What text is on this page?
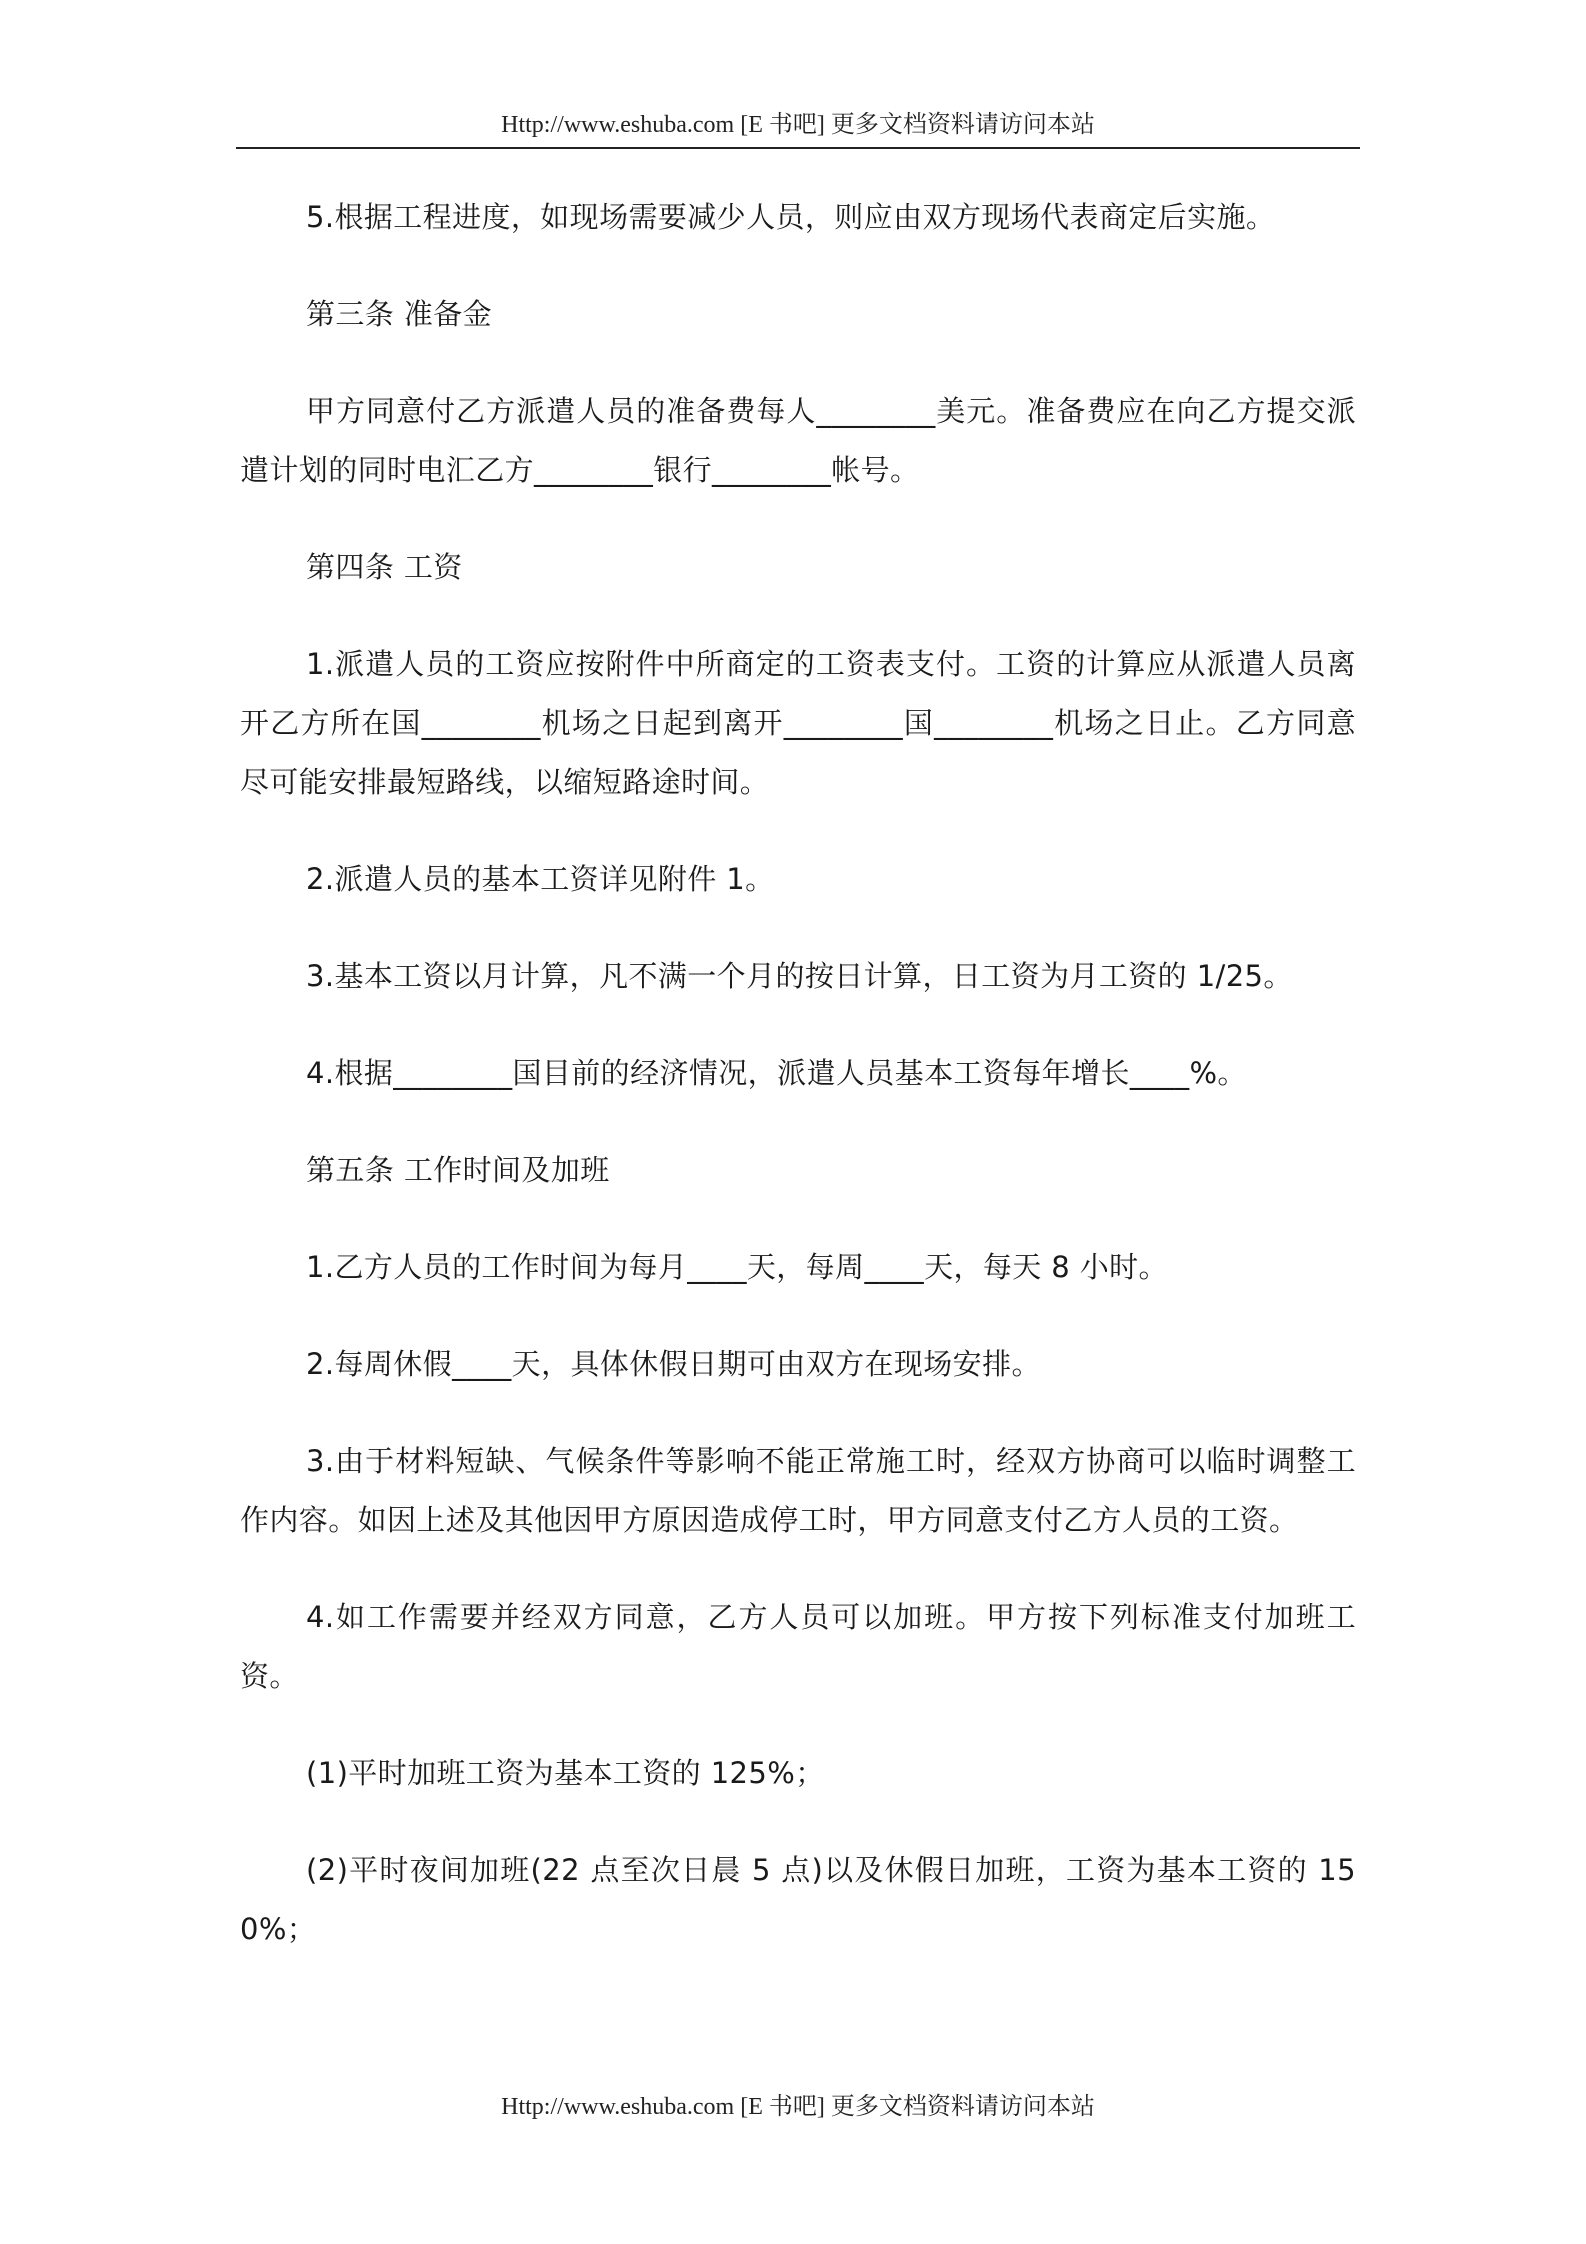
Http://www.eshuba.com [E 书吧] 更多文档资料请访问本站

5.根据工程进度，如现场需要减少人员，则应由双方现场代表商定后实施。

第三条 准备金

甲方同意付乙方派遣人员的准备费每人________美元。准备费应在向乙方提交派遣计划的同时电汇乙方________银行________帐号。

第四条 工资

1.派遣人员的工资应按附件中所商定的工资表支付。工资的计算应从派遣人员离开乙方所在国________机场之日起到离开________国________机场之日止。乙方同意尽可能安排最短路线，以缩短路途时间。

2.派遣人员的基本工资详见附件 1。

3.基本工资以月计算，凡不满一个月的按日计算，日工资为月工资的 1/25。

4.根据________国目前的经济情况，派遣人员基本工资每年增长____%。

第五条 工作时间及加班

1.乙方人员的工作时间为每月____天，每周____天，每天 8 小时。

2.每周休假____天，具体休假日期可由双方在现场安排。

3.由于材料短缺、气候条件等影响不能正常施工时，经双方协商可以临时调整工作内容。如因上述及其他因甲方原因造成停工时，甲方同意支付乙方人员的工资。

4.如工作需要并经双方同意，乙方人员可以加班。甲方按下列标准支付加班工资。

(1)平时加班工资为基本工资的 125%；

(2)平时夜间加班(22 点至次日晨 5 点)以及休假日加班，工资为基本工资的 150%；

Http://www.eshuba.com [E 书吧] 更多文档资料请访问本站
